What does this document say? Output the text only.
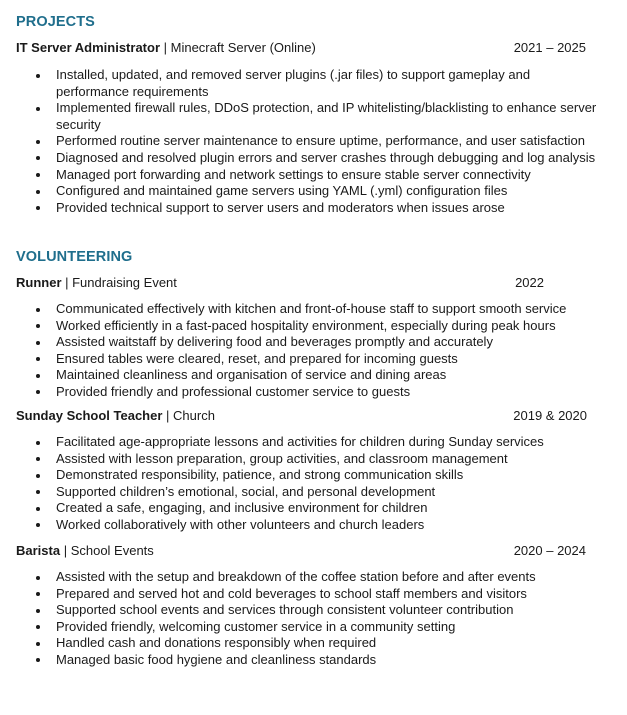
PROJECTS
IT Server Administrator | Minecraft Server (Online)	2021 – 2025
Installed, updated, and removed server plugins (.jar files) to support gameplay and performance requirements
Implemented firewall rules, DDoS protection, and IP whitelisting/blacklisting to enhance server security
Performed routine server maintenance to ensure uptime, performance, and user satisfaction
Diagnosed and resolved plugin errors and server crashes through debugging and log analysis
Managed port forwarding and network settings to ensure stable server connectivity
Configured and maintained game servers using YAML (.yml) configuration files
Provided technical support to server users and moderators when issues arose
VOLUNTEERING
Runner | Fundraising Event	2022
Communicated effectively with kitchen and front-of-house staff to support smooth service
Worked efficiently in a fast-paced hospitality environment, especially during peak hours
Assisted waitstaff by delivering food and beverages promptly and accurately
Ensured tables were cleared, reset, and prepared for incoming guests
Maintained cleanliness and organisation of service and dining areas
Provided friendly and professional customer service to guests
Sunday School Teacher | Church	2019 & 2020
Facilitated age-appropriate lessons and activities for children during Sunday services
Assisted with lesson preparation, group activities, and classroom management
Demonstrated responsibility, patience, and strong communication skills
Supported children’s emotional, social, and personal development
Created a safe, engaging, and inclusive environment for children
Worked collaboratively with other volunteers and church leaders
Barista | School Events	2020 – 2024
Assisted with the setup and breakdown of the coffee station before and after events
Prepared and served hot and cold beverages to school staff members and visitors
Supported school events and services through consistent volunteer contribution
Provided friendly, welcoming customer service in a community setting
Handled cash and donations responsibly when required
Managed basic food hygiene and cleanliness standards
